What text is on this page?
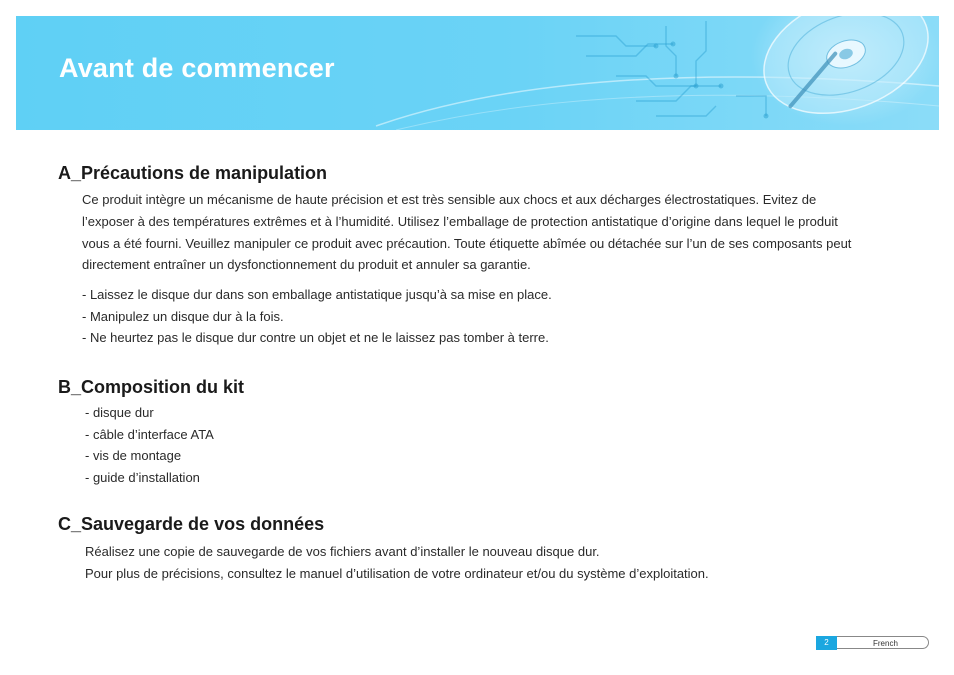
Avant de commencer
A_Précautions de manipulation
Ce produit intègre un mécanisme de haute précision et est très sensible aux chocs et aux décharges électrostatiques. Evitez de
l’exposer à des températures extrêmes et à l’humidité. Utilisez l’emballage de protection antistatique d’origine dans lequel le produit
vous a été fourni. Veuillez manipuler ce produit avec précaution. Toute étiquette abîmée ou détachée sur l’un de ses composants peut
directement entraîner un dysfonctionnement du produit et annuler sa garantie.
- Laissez le disque dur dans son emballage antistatique jusqu’à sa mise en place.
- Manipulez un disque dur à la fois.
- Ne heurtez pas le disque dur contre un objet et ne le laissez pas tomber à terre.
B_Composition du kit
- disque dur
- câble d’interface ATA
- vis de montage
- guide d’installation
C_Sauvegarde de vos données
Réalisez une copie de sauvegarde de vos fichiers avant d’installer le nouveau disque dur.
Pour plus de précisions, consultez le manuel d’utilisation de votre ordinateur et/ou du système d’exploitation.
2	French
